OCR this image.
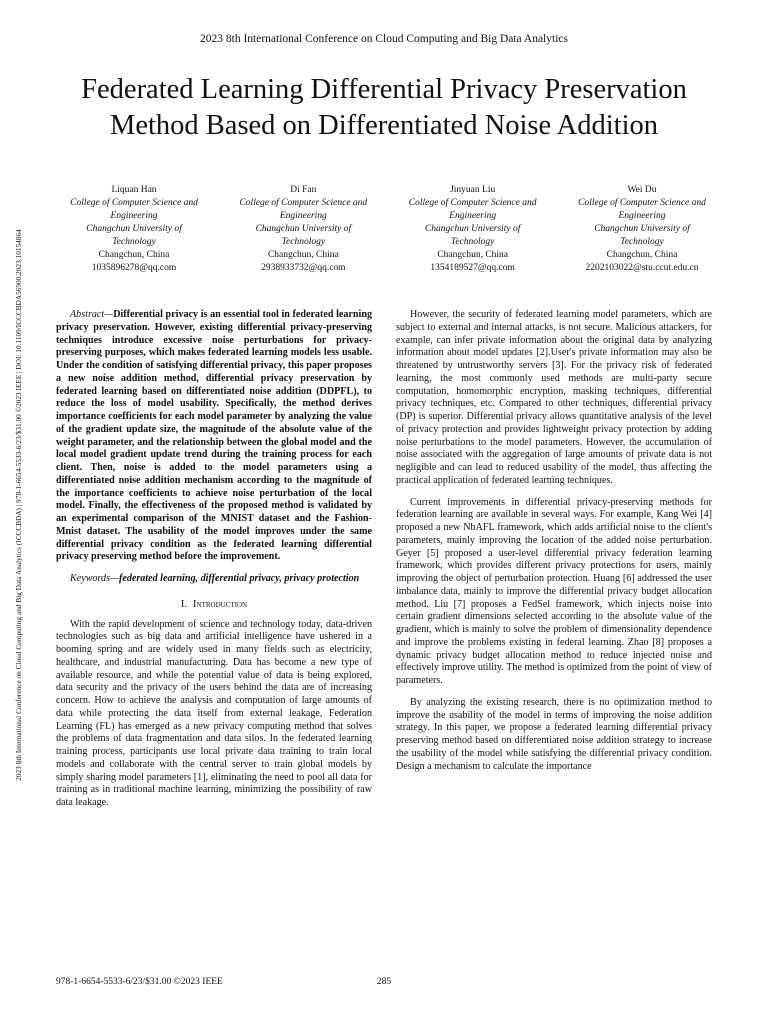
2023 8th International Conference on Cloud Computing and Big Data Analytics
2023 8th International Conference on Cloud Computing and Big Data Analytics (ICCCBDA) | 978-1-6654-5533-6/23/$31.00 ©2023 IEEE | DOI: 10.1109/ICCCBDA56900.2023.10154864
Federated Learning Differential Privacy Preservation
Method Based on Differentiated Noise Addition
Liquan Han
College of Computer Science and
Engineering
Changchun University of
Technology
Changchun, China
1035896278@qq.com
Di Fan
College of Computer Science and
Engineering
Changchun University of
Technology
Changchun, China
2938933732@qq.com
Jinyuan Liu
College of Computer Science and
Engineering
Changchun University of
Technology
Changchun, China
1354189527@qq.com
Wei Du
College of Computer Science and
Engineering
Changchun University of
Technology
Changchun, China
2202103022@stu.ccut.edu.cn

Abstract—Differential privacy is an essential tool in federated learning privacy preservation. However, existing differential privacy-preserving techniques introduce excessive noise perturbations for privacy-preserving purposes, which makes federated learning models less usable. Under the condition of satisfying differential privacy, this paper proposes a new noise addition method, differential privacy preservation by federated learning based on differentiated noise addition (DDPFL), to reduce the loss of model usability. Specifically, the method derives importance coefficients for each model parameter by analyzing the value of the gradient update size, the magnitude of the absolute value of the weight parameter, and the relationship between the global model and the local model gradient update trend during the training process for each client. Then, noise is added to the model parameters using a differentiated noise addition mechanism according to the magnitude of the importance coefficients to achieve noise perturbation of the local model. Finally, the effectiveness of the proposed method is validated by an experimental comparison of the MNIST dataset and the Fashion-Mnist dataset. The usability of the model improves under the same differential privacy condition as the federated learning differential privacy preserving method before the improvement.

Keywords—federated learning, differential privacy, privacy protection

I. Introduction

With the rapid development of science and technology today, data-driven technologies such as big data and artificial intelligence have ushered in a booming spring and are widely used in many fields such as electricity, healthcare, and industrial manufacturing. Data has become a new type of available resource, and while the potential value of data is being explored, data security and the privacy of the users behind the data are of increasing concern. How to achieve the analysis and computation of large amounts of data while protecting the data itself from external leakage, Federation Learning (FL) has emerged as a new privacy computing method that solves the problems of data fragmentation and data silos. In the federated learning training process, participants use local private data training to train local models and collaborate with the central server to train global models by simply sharing model parameters [1], eliminating the need to pool all data for training as in traditional machine learning, minimizing the possibility of raw data leakage.

However, the security of federated learning model parameters, which are subject to external and internal attacks, is not secure. Malicious attackers, for example, can infer private information about the original data by analyzing information about model updates [2].User's private information may also be threatened by untrustworthy servers [3]. For the privacy risk of federated learning, the most commonly used methods are multi-party secure computation, homomorphic encryption, masking techniques, differential privacy techniques, etc. Compared to other techniques, differential privacy (DP) is superior. Differential privacy allows quantitative analysis of the level of privacy protection and provides lightweight privacy protection by adding noise perturbations to the model parameters. However, the accumulation of noise associated with the aggregation of large amounts of private data is not negligible and can lead to reduced usability of the model, thus affecting the practical application of federated learning techniques.

Current improvements in differential privacy-preserving methods for federation learning are available in several ways. For example, Kang Wei [4] proposed a new NbAFL framework, which adds artificial noise to the client's parameters, mainly improving the location of the added noise perturbation. Geyer [5] proposed a user-level differential privacy federation learning framework, which provides different privacy protections for users, mainly improving the object of perturbation protection. Huang [6] addressed the user imbalance data, mainly to improve the differential privacy budget allocation method. Liu [7] proposes a FedSel framework, which injects noise into certain gradient dimensions selected according to the absolute value of the gradient, which is mainly to solve the problem of dimensionality dependence and improve the problems existing in federal learning. Zhao [8] proposes a dynamic privacy budget allocation method to reduce injected noise and effectively improve utility. The method is optimized from the point of view of parameters.

By analyzing the existing research, there is no optimization method to improve the usability of the model in terms of improving the noise addition strategy. In this paper, we propose a federated learning differential privacy preserving method based on differentiated noise addition strategy to increase the usability of the model while satisfying the differential privacy condition. Design a mechanism to calculate the importance

978-1-6654-5533-6/23/$31.00 ©2023 IEEE	285
